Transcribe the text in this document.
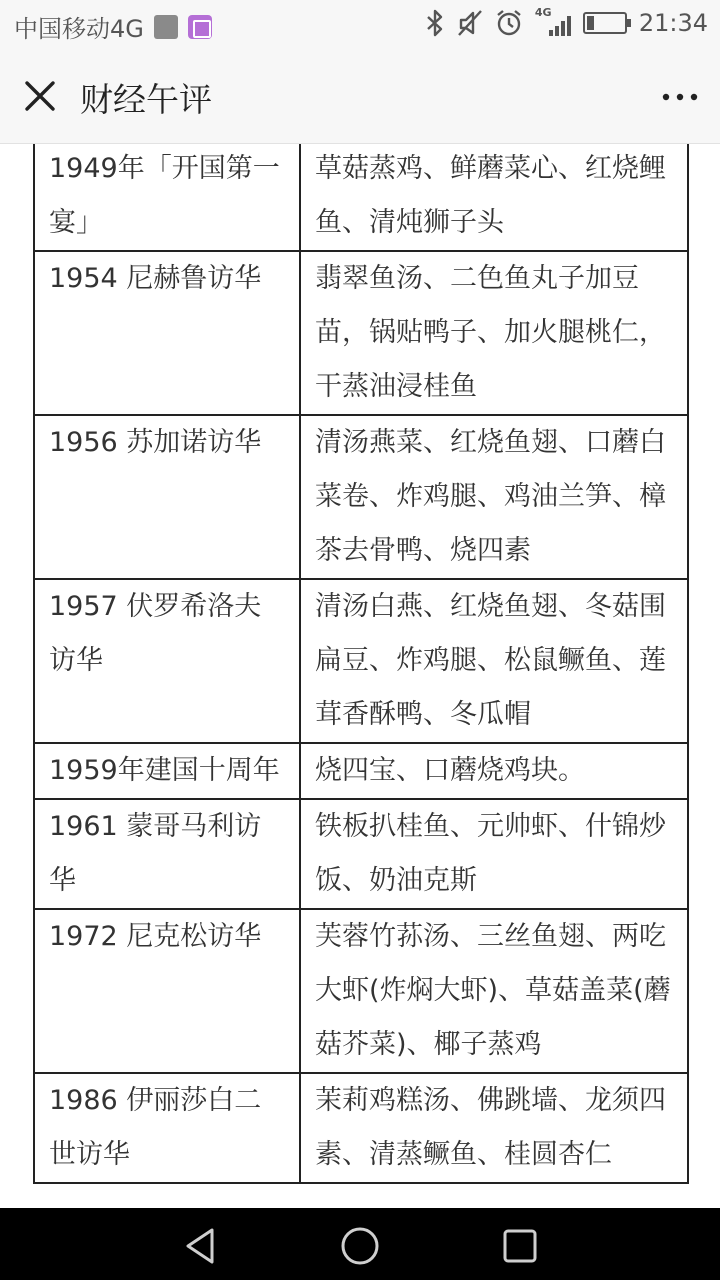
中国移动4G
4G	21:34
财经午评
1949年「开国第一宴」	草菇蒸鸡、鲜蘑菜心、红烧鲤鱼、清炖狮子头
1954 尼赫鲁访华	翡翠鱼汤、二色鱼丸子加豆苗，锅贴鸭子、加火腿桃仁，干蒸油浸桂鱼
1956 苏加诺访华	清汤燕菜、红烧鱼翅、口蘑白菜卷、炸鸡腿、鸡油兰笋、樟茶去骨鸭、烧四素
1957 伏罗希洛夫访华	清汤白燕、红烧鱼翅、冬菇围扁豆、炸鸡腿、松鼠鳜鱼、莲茸香酥鸭、冬瓜帽
1959年建国十周年	烧四宝、口蘑烧鸡块。
1961 蒙哥马利访华	铁板扒桂鱼、元帅虾、什锦炒饭、奶油克斯
1972 尼克松访华	芙蓉竹荪汤、三丝鱼翅、两吃大虾(炸焖大虾)、草菇盖菜(蘑菇芥菜)、椰子蒸鸡
1986 伊丽莎白二世访华	茉莉鸡糕汤、佛跳墙、龙须四素、清蒸鳜鱼、桂圆杏仁
